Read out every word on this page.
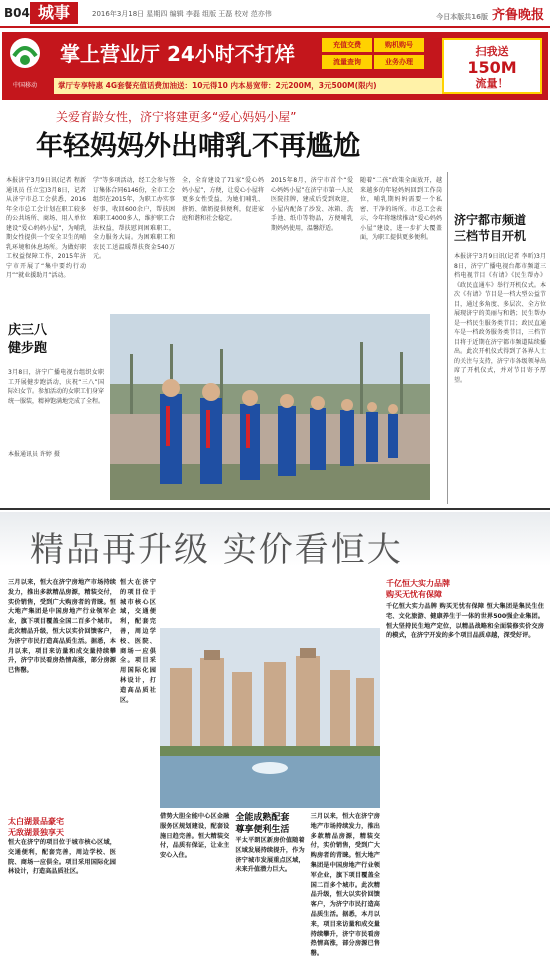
B04 城事	2016年3月18日 星期四 编辑 李磊 组版 王磊 校对 范亦伟	今日本版共16版 齐鲁晚报
中国移动
掌上营业厅 24小时不打烊	充值交费	购机购号
流量查询	业务办理
掌厅专享特惠 4G套餐充值话费加油送：10元得10 内本易宽带：2元200M，3元500M(限内)
扫我送
150M
流量！
关爱育龄女性，济宁将建更多“爱心妈妈小屋”
年轻妈妈外出哺乳不再尴尬
本报济宁3月9日讯(记者 程新 通讯员 任立宝)3月8日，记者从济宁市总工会获悉，2016年全市总工会计划在职工较多的公共场所、商场、用人单位建设“爱心妈妈小屋”，为哺乳期女性提供一个安全卫生的哺乳环境和休息场所。为做好职工权益保障工作，2015年济宁市开展了“集中要约行动月”“就业援助月”活动。
学”等多项活动，经工会参与签订集体合同6146份，全市工会组织在2015年，为职工办实事好事，收回600余户，帮扶困难职工4000多人，维护职工合法权益，帮扶慰问困难职工，全力服务大局。为困难职工和农民工送温暖帮扶资金540万元。
全，全育建设了71家“爱心妈妈小屋”，方便，让爱心小屋将更多女性受益，为她们哺乳、挤奶、储奶提供便利，促进家庭和谐和社会稳定。
2015年8月，济宁市首个“爱心妈妈小屋”在济宁市第一人民医院挂牌，建成后受到欢迎，小屋内配备了沙发、冰箱、洗手池、纸巾等物品，方便哺乳期妈妈使用，温馨舒适。
随着“二孩”政策全面放开，越来越多的年轻妈妈回到工作岗位，哺乳期妈妈需要一个私密、干净的场所。市总工会表示，今年将继续推动“爱心妈妈小屋”建设，进一步扩大覆盖面，为职工提供更多便利。
济宁都市频道
三档节目开机
本报济宁3月9日讯(记者 李昕)3月8日，济宁广播电视台都市频道三档电视节目《有请》《民生帮办》《政民直通车》举行开机仪式。本次《有请》节目是一档大型公益节目，通过多角度、多层次、全方位展现济宁的美丽与和谐；民生帮办是一档民生服务类节目；政民直通车是一档政务服务类节目，三档节目将于近期在济宁都市频道陆续播出。此次开机仪式得到了各界人士的关注与支持，济宁市各级领导出席了开机仪式，并对节目寄予厚望。
庆三八
健步跑
3月8日，济宁广播电视台组织女职工开展健步跑活动，庆祝“三八”国际妇女节。参加活动的女职工们身穿统一服装，精神饱满地完成了全程。
本报通讯员 许婷 摄
精品再升级 实价看恒大
三月以来，恒大在济宁房地产市场持续发力，推出多款精品房源，精装交付，实价销售，受到广大购房者的青睐。恒大地产集团是中国房地产行业领军企业，旗下项目覆盖全国二百多个城市。此次精品升级，恒大以实价回馈客户，为济宁市民打造高品质生活。据悉，本月以来，项目来访量和成交量持续攀升，济宁市民看房热情高涨，部分房源已售罄。
太白湖景品豪宅
无敌湖景独享天
恒大在济宁的项目位于城市核心区域，交通便利，配套完善，周边学校、医院、商场一应俱全。项目采用国际化园林设计，打造高品质社区。
借势大胆全能中心区金融服务区规划建设，配套设施日趋完善。恒大精装交付，品质有保证，让业主安心入住。
全能成熟配套
尊享便利生活
平太平朗区新房价值随着区域发展持续提升，作为济宁城市发展重点区域，未来升值潜力巨大。
三月以来，恒大在济宁房地产市场持续发力，推出多款精品房源，精装交付，实价销售，受到广大购房者的青睐。恒大地产集团是中国房地产行业领军企业，旗下项目覆盖全国二百多个城市。此次精品升级，恒大以实价回馈客户，为济宁市民打造高品质生活。据悉，本月以来，项目来访量和成交量持续攀升，济宁市民看房热情高涨，部分房源已售罄。
恒大在济宁的项目位于城市核心区域，交通便利，配套完善，周边学校、医院、商场一应俱全。项目采用国际化园林设计，打造高品质社区。
千亿恒大实力品牌
购买无忧有保障
千亿恒大实力品牌 购买无忧有保障 恒大集团是集民生住宅、文化旅游、健康养生于一体的世界500强企业集团。恒大坚持民生地产定位，以精品战略和全面装修实价交房的模式，在济宁开发的多个项目品质卓越，深受好评。
